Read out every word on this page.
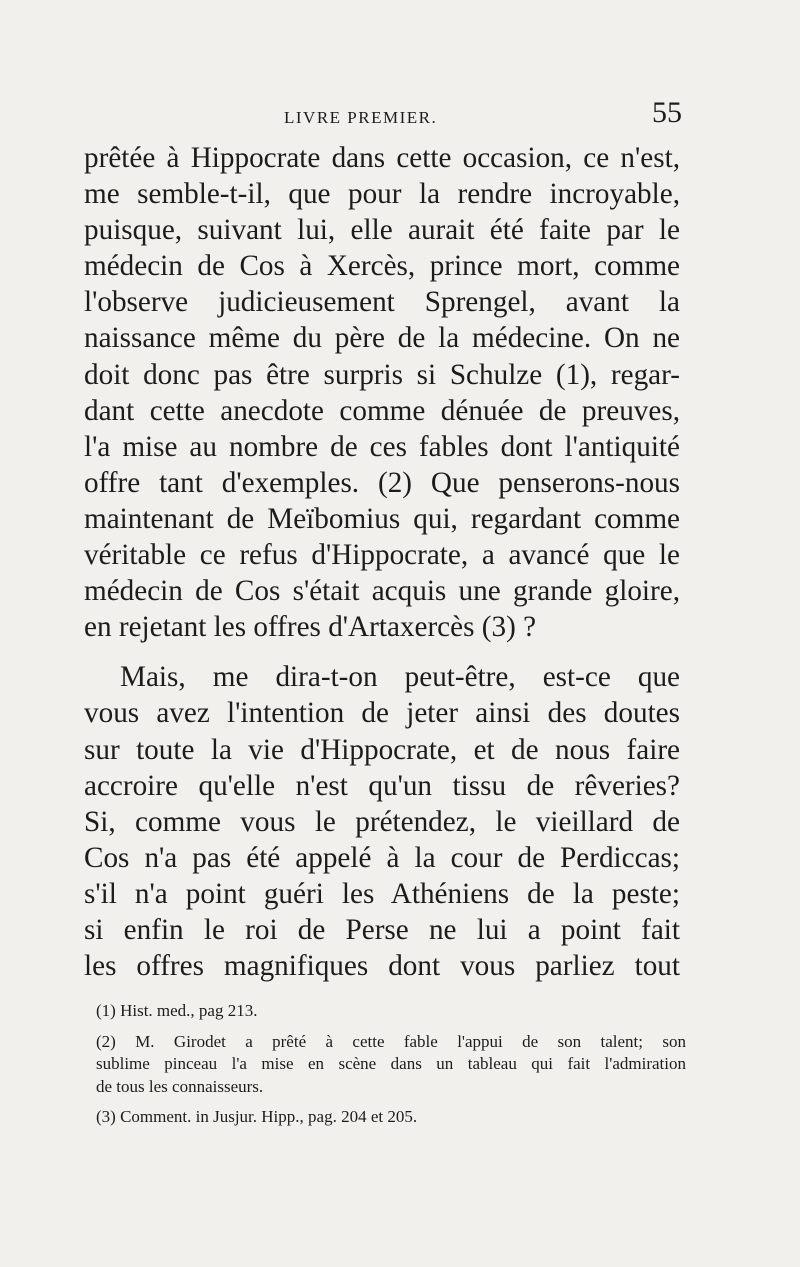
LIVRE PREMIER.	55
prêtée à Hippocrate dans cette occasion, ce n'est,
me semble-t-il, que pour la rendre incroyable,
puisque, suivant lui, elle aurait été faite par le
médecin de Cos à Xercès, prince mort, comme
l'observe judicieusement Sprengel, avant la
naissance même du père de la médecine. On ne
doit donc pas être surpris si Schulze (1), regar-
dant cette anecdote comme dénuée de preuves,
l'a mise au nombre de ces fables dont l'antiquité
offre tant d'exemples. (2) Que penserons-nous
maintenant de Meïbomius qui, regardant comme
véritable ce refus d'Hippocrate, a avancé que le
médecin de Cos s'était acquis une grande gloire,
en rejetant les offres d'Artaxercès (3) ?
Mais, me dira-t-on peut-être, est-ce que
vous avez l'intention de jeter ainsi des doutes
sur toute la vie d'Hippocrate, et de nous faire
accroire qu'elle n'est qu'un tissu de rêveries?
Si, comme vous le prétendez, le vieillard de
Cos n'a pas été appelé à la cour de Perdiccas;
s'il n'a point guéri les Athéniens de la peste;
si enfin le roi de Perse ne lui a point fait
les offres magnifiques dont vous parliez tout
(1) Hist. med., pag 213.
(2) M. Girodet a prêté à cette fable l'appui de son talent; son
sublime pinceau l'a mise en scène dans un tableau qui fait l'admiration
de tous les connaisseurs.
(3) Comment. in Jusjur. Hipp., pag. 204 et 205.
